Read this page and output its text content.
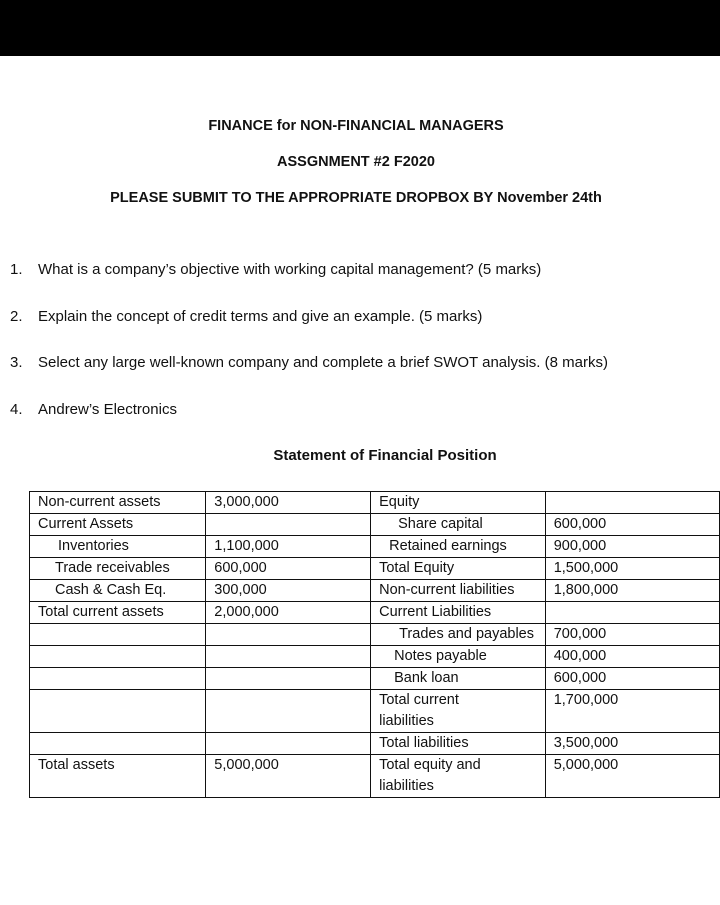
FINANCE for NON-FINANCIAL MANAGERS
ASSGNMENT #2 F2020
PLEASE SUBMIT TO THE APPROPRIATE DROPBOX BY November 24th
1. What is a company’s objective with working capital management? (5 marks)
2. Explain the concept of credit terms and give an example. (5 marks)
3. Select any large well-known company and complete a brief SWOT analysis. (8 marks)
4. Andrew’s Electronics
Statement of Financial Position
Non-current assets	3,000,000	Equity	
Current Assets		Share capital	600,000
Inventories	1,100,000	Retained earnings	900,000
Trade receivables	600,000	Total Equity	1,500,000
Cash & Cash Eq.	300,000	Non-current liabilities	1,800,000
Total current assets	2,000,000	Current Liabilities	
		Trades and payables	700,000
		Notes payable	400,000
		Bank loan	600,000
		Total current liabilities	1,700,000
		Total liabilities	3,500,000
Total assets	5,000,000	Total equity and liabilities	5,000,000
